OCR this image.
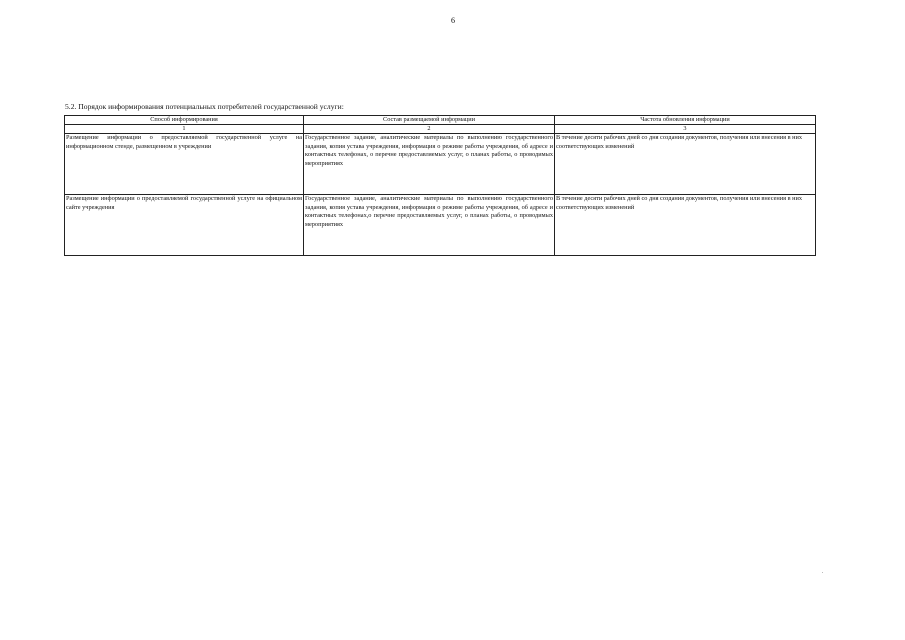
6
5.2. Порядок информирования потенциальных потребителей государственной услуги:
Способ информирования	Состав размещаемой информации	Частота обновления информации
1	2	3
Размещение информации о предоставляемой государственной услуге на информационном стенде, размещенном в учреждении	Государственное задание, аналитические материалы по выполнению государственного задания, копия устава учреждения, информация о режиме работы учреждения, об адресе и контактных телефонах, о перечне предоставляемых услуг, о планах работы, о проводимых мероприятиях	В течение десяти рабочих дней со дня создания документов, получения или внесения в них соответствующих изменений
Размещение информации о предоставляемой государственной услуге на официальном сайте учреждения	Государственное задание, аналитические материалы по выполнению государственного задания, копия устава учреждения, информация о режиме работы учреждения, об адресе и контактных телефонах,о перечне предоставляемых услуг, о планах работы, о проводимых мероприятиях	В течение десяти рабочих дней со дня создания документов, получения или внесения в них соответствующих изменений
